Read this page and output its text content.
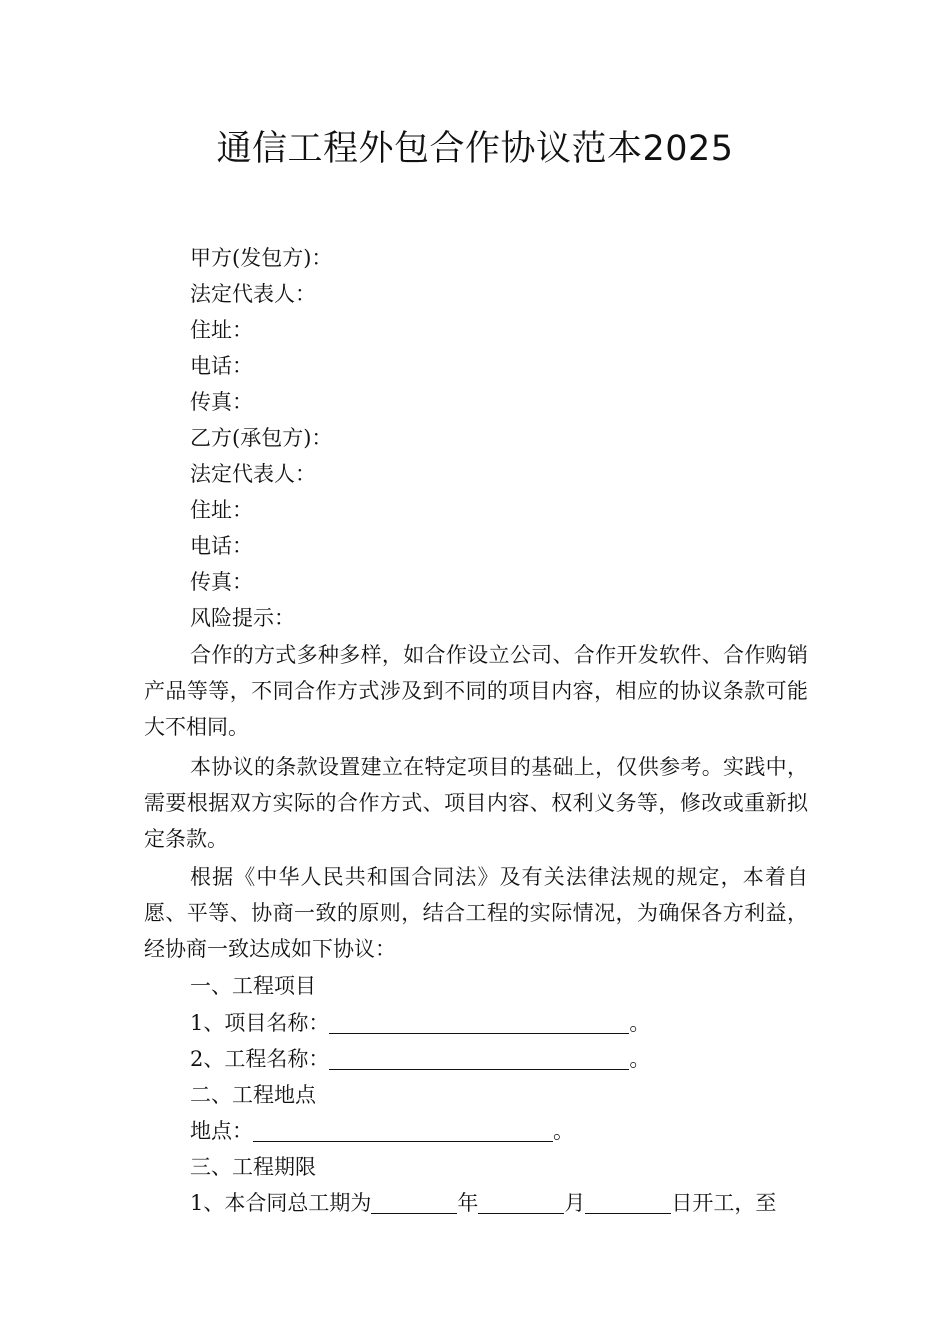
通信工程外包合作协议范本2025
甲方(发包方)：
法定代表人：
住址：
电话：
传真：
乙方(承包方)：
法定代表人：
住址：
电话：
传真：
风险提示：

合作的方式多种多样，如合作设立公司、合作开发软件、合作购销产品等等，不同合作方式涉及到不同的项目内容，相应的协议条款可能大不相同。

本协议的条款设置建立在特定项目的基础上，仅供参考。实践中，需要根据双方实际的合作方式、项目内容、权利义务等，修改或重新拟定条款。

根据《中华人民共和国合同法》及有关法律法规的规定，本着自愿、平等、协商一致的原则，结合工程的实际情况，为确保各方利益，经协商一致达成如下协议：

一、工程项目
1、项目名称：	。
2、工程名称：	。
二、工程地点
地点：	。
三、工程期限
1、本合同总工期为	年	月	日开工，至
